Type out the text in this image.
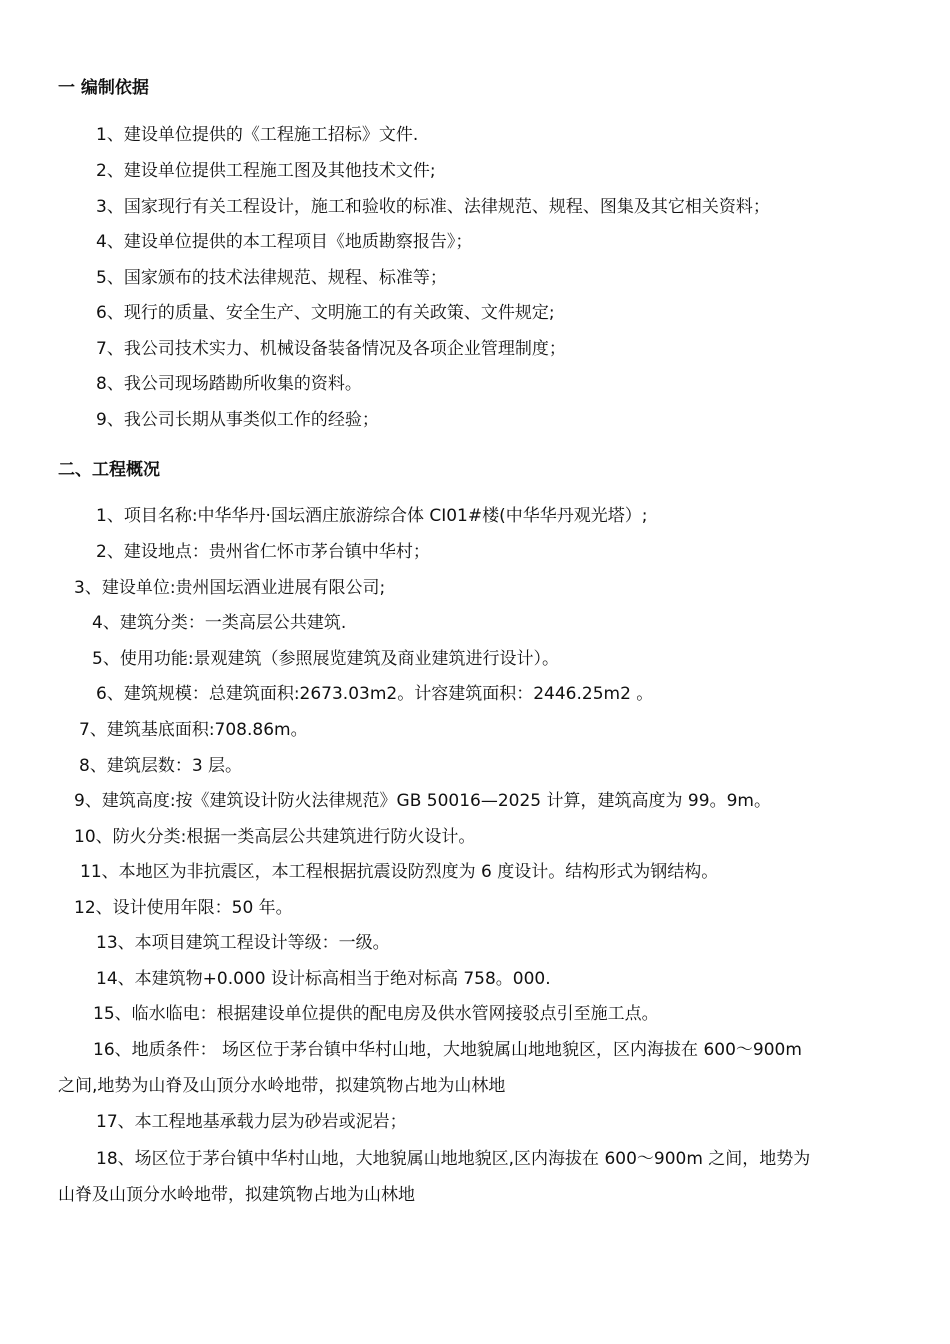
一 编制依据
1、建设单位提供的《工程施工招标》文件.
2、建设单位提供工程施工图及其他技术文件;
3、国家现行有关工程设计，施工和验收的标准、法律规范、规程、图集及其它相关资料；
4、建设单位提供的本工程项目《地质勘察报告》；
5、国家颁布的技术法律规范、规程、标准等；
6、现行的质量、安全生产、文明施工的有关政策、文件规定;
7、我公司技术实力、机械设备装备情况及各项企业管理制度；
8、我公司现场踏勘所收集的资料。
9、我公司长期从事类似工作的经验；
二、工程概况
1、项目名称:中华华丹·国坛酒庄旅游综合体 CI01#楼(中华华丹观光塔）;
2、建设地点：贵州省仁怀市茅台镇中华村；
3、建设单位:贵州国坛酒业进展有限公司;
4、建筑分类：一类高层公共建筑.
5、使用功能:景观建筑（参照展览建筑及商业建筑进行设计）。
6、建筑规模：总建筑面积:2673.03m2。计容建筑面积：2446.25m2 。
7、建筑基底面积:708.86m。
8、建筑层数：3 层。
9、建筑高度:按《建筑设计防火法律规范》GB 50016—2025 计算，建筑高度为 99。9m。
10、防火分类:根据一类高层公共建筑进行防火设计。
11、本地区为非抗震区，本工程根据抗震设防烈度为 6 度设计。结构形式为钢结构。
12、设计使用年限：50 年。
13、本项目建筑工程设计等级：一级。
14、本建筑物+0.000 设计标高相当于绝对标高 758。000.
15、临水临电：根据建设单位提供的配电房及供水管网接驳点引至施工点。
16、地质条件： 场区位于茅台镇中华村山地，大地貌属山地地貌区，区内海拔在 600～900m
之间,地势为山脊及山顶分水岭地带，拟建筑物占地为山林地
17、本工程地基承载力层为砂岩或泥岩；
18、场区位于茅台镇中华村山地，大地貌属山地地貌区,区内海拔在 600～900m 之间，地势为
山脊及山顶分水岭地带，拟建筑物占地为山林地
